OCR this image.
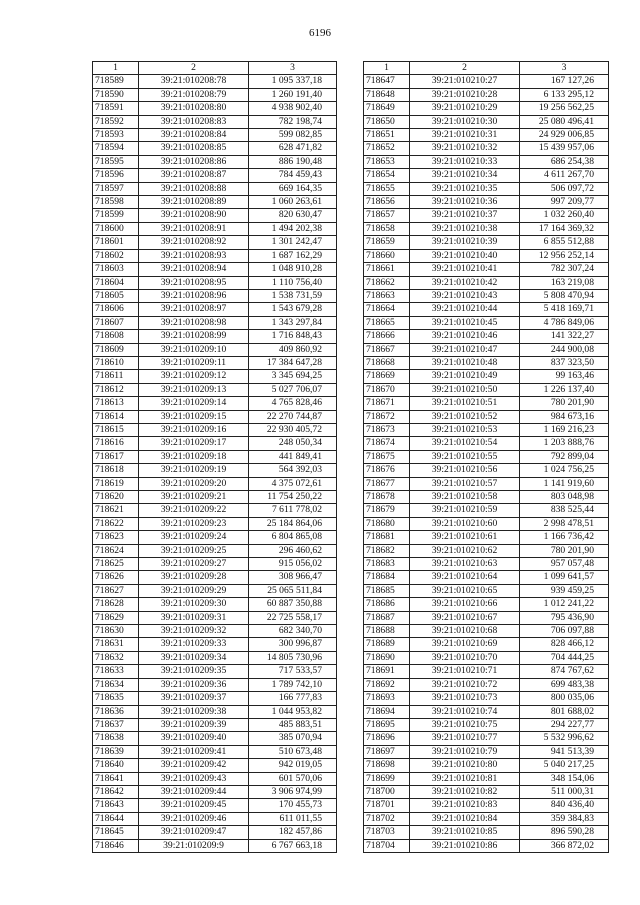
6196
1	2	3
718589	39:21:010208:78	1 095 337,18
718590	39:21:010208:79	1 260 191,40
718591	39:21:010208:80	4 938 902,40
718592	39:21:010208:83	782 198,74
718593	39:21:010208:84	599 082,85
718594	39:21:010208:85	628 471,82
718595	39:21:010208:86	886 190,48
718596	39:21:010208:87	784 459,43
718597	39:21:010208:88	669 164,35
718598	39:21:010208:89	1 060 263,61
718599	39:21:010208:90	820 630,47
718600	39:21:010208:91	1 494 202,38
718601	39:21:010208:92	1 301 242,47
718602	39:21:010208:93	1 687 162,29
718603	39:21:010208:94	1 048 910,28
718604	39:21:010208:95	1 110 756,40
718605	39:21:010208:96	1 538 731,59
718606	39:21:010208:97	1 543 679,28
718607	39:21:010208:98	1 343 297,84
718608	39:21:010208:99	1 716 848,43
718609	39:21:010209:10	409 860,92
718610	39:21:010209:11	17 384 647,28
718611	39:21:010209:12	3 345 694,25
718612	39:21:010209:13	5 027 706,07
718613	39:21:010209:14	4 765 828,46
718614	39:21:010209:15	22 270 744,87
718615	39:21:010209:16	22 930 405,72
718616	39:21:010209:17	248 050,34
718617	39:21:010209:18	441 849,41
718618	39:21:010209:19	564 392,03
718619	39:21:010209:20	4 375 072,61
718620	39:21:010209:21	11 754 250,22
718621	39:21:010209:22	7 611 778,02
718622	39:21:010209:23	25 184 864,06
718623	39:21:010209:24	6 804 865,08
718624	39:21:010209:25	296 460,62
718625	39:21:010209:27	915 056,02
718626	39:21:010209:28	308 966,47
718627	39:21:010209:29	25 065 511,84
718628	39:21:010209:30	60 887 350,88
718629	39:21:010209:31	22 725 558,17
718630	39:21:010209:32	682 340,70
718631	39:21:010209:33	300 996,87
718632	39:21:010209:34	14 805 730,96
718633	39:21:010209:35	717 533,57
718634	39:21:010209:36	1 789 742,10
718635	39:21:010209:37	166 777,83
718636	39:21:010209:38	1 044 953,82
718637	39:21:010209:39	485 883,51
718638	39:21:010209:40	385 070,94
718639	39:21:010209:41	510 673,48
718640	39:21:010209:42	942 019,05
718641	39:21:010209:43	601 570,06
718642	39:21:010209:44	3 906 974,99
718643	39:21:010209:45	170 455,73
718644	39:21:010209:46	611 011,55
718645	39:21:010209:47	182 457,86
718646	39:21:010209:9	6 767 663,18
1	2	3
718647	39:21:010210:27	167 127,26
718648	39:21:010210:28	6 133 295,12
718649	39:21:010210:29	19 256 562,25
718650	39:21:010210:30	25 080 496,41
718651	39:21:010210:31	24 929 006,85
718652	39:21:010210:32	15 439 957,06
718653	39:21:010210:33	686 254,38
718654	39:21:010210:34	4 611 267,70
718655	39:21:010210:35	506 097,72
718656	39:21:010210:36	997 209,77
718657	39:21:010210:37	1 032 260,40
718658	39:21:010210:38	17 164 369,32
718659	39:21:010210:39	6 855 512,88
718660	39:21:010210:40	12 956 252,14
718661	39:21:010210:41	782 307,24
718662	39:21:010210:42	163 219,08
718663	39:21:010210:43	5 808 470,94
718664	39:21:010210:44	5 418 169,71
718665	39:21:010210:45	4 786 849,06
718666	39:21:010210:46	141 322,27
718667	39:21:010210:47	244 900,08
718668	39:21:010210:48	837 323,50
718669	39:21:010210:49	99 163,46
718670	39:21:010210:50	1 226 137,40
718671	39:21:010210:51	780 201,90
718672	39:21:010210:52	984 673,16
718673	39:21:010210:53	1 169 216,23
718674	39:21:010210:54	1 203 888,76
718675	39:21:010210:55	792 899,04
718676	39:21:010210:56	1 024 756,25
718677	39:21:010210:57	1 141 919,60
718678	39:21:010210:58	803 048,98
718679	39:21:010210:59	838 525,44
718680	39:21:010210:60	2 998 478,51
718681	39:21:010210:61	1 166 736,42
718682	39:21:010210:62	780 201,90
718683	39:21:010210:63	957 057,48
718684	39:21:010210:64	1 099 641,57
718685	39:21:010210:65	939 459,25
718686	39:21:010210:66	1 012 241,22
718687	39:21:010210:67	795 436,90
718688	39:21:010210:68	706 097,88
718689	39:21:010210:69	828 466,12
718690	39:21:010210:70	704 444,25
718691	39:21:010210:71	874 767,62
718692	39:21:010210:72	699 483,38
718693	39:21:010210:73	800 035,06
718694	39:21:010210:74	801 688,02
718695	39:21:010210:75	294 227,77
718696	39:21:010210:77	5 532 996,62
718697	39:21:010210:79	941 513,39
718698	39:21:010210:80	5 040 217,25
718699	39:21:010210:81	348 154,06
718700	39:21:010210:82	511 000,31
718701	39:21:010210:83	840 436,40
718702	39:21:010210:84	359 384,83
718703	39:21:010210:85	896 590,28
718704	39:21:010210:86	366 872,02
